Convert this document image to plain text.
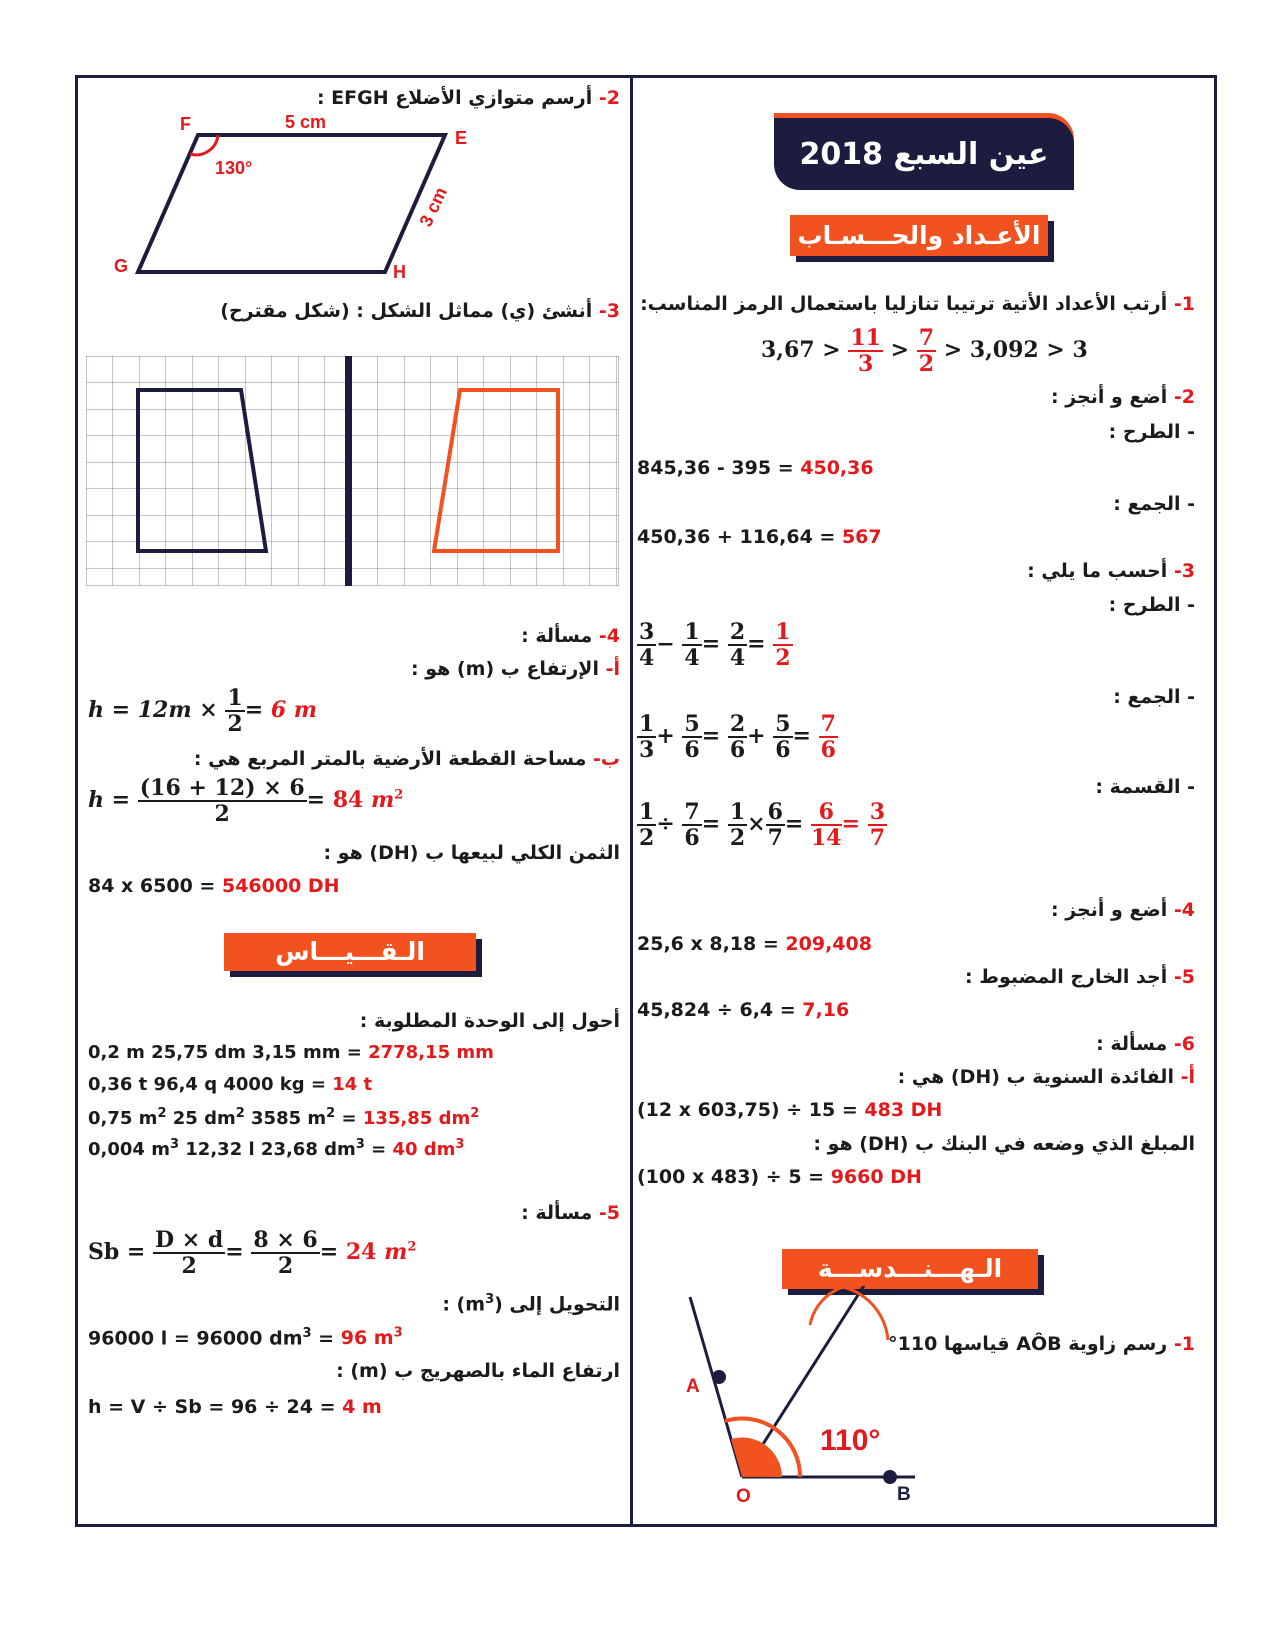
عين السبع 2018
الأعـداد والحـــسـاب
1- أرتب الأعداد الأتية ترتيبا تنازليا باستعمال الرمز المناسب:
$3,67 > \frac{11}{3} > \frac{7}{2} > 3,092 > 3$
2- أضع و أنجز :
- الطرح :
845,36 - 395 = 450,36
- الجمع :
450,36 + 116,64 = 567
3- أحسب ما يلي :
- الطرح :
$\frac{3}{4} - \frac{1}{4} = \frac{2}{4} = \frac{1}{2}$
- الجمع :
$\frac{1}{3} + \frac{5}{6} = \frac{2}{6} + \frac{5}{6} = \frac{7}{6}$
- القسمة :
$\frac{1}{2} \div \frac{7}{6} = \frac{1}{2} \times \frac{6}{7} = \frac{6}{14} = \frac{3}{7}$
4- أضع و أنجز :
25,6 x 8,18 = 209,408
5- أجد الخارج المضبوط :
45,824 ÷ 6,4 = 7,16
6- مسألة :
أ- الفائدة السنوية ب (DH) هي :
(12 x 603,75) ÷ 15 = 483 DH
المبلغ الذي وضعه في البنك ب (DH) هو :
(100 x 483) ÷ 5 = 9660 DH
الـهـــنـــدســـة
1- رسم زاوية AÔB قياسها 110°
110°
A
O	B
2- أرسم متوازي الأضلاع EFGH :
F
E
G	H
5 cm
3 cm
130°
3- أنشئ (ي) مماثل الشكل : (شكل مقترح)
4- مسألة :
أ- الإرتفاع ب (m) هو :
$h = 12m \times \frac{1}{2} = 6$ m
ب- مساحة القطعة الأرضية بالمتر المربع هي :
$h = \frac{(16 + 12) \times 6}{2} = 84$ $m^2$
الثمن الكلي لبيعها ب (DH) هو :
84 x 6500 = 546000 DH
الـقـــيـــاس
أحول إلى الوحدة المطلوبة :
0,2 m 25,75 dm 3,15 mm = 2778,15 mm
0,36 t 96,4 q 4000 kg = 14 t
0,75 $m^2$ 25 $dm^2$ 3585 $m^2 = 135,85$ $dm^2$
0,004 $m^3$ 12,32 l 23,68 $dm^3 = 40$ $dm^3$
5- مسألة :
$Sb = \frac{D \times d}{2} = \frac{8 \times 6}{2} = 24$ $m^2$
التحويل إلى $(m^3)$ :
96000 l = 96000 $dm^3 = 96$ $m^3$
ارتفاع الماء بالصهريج ب (m) :
h = V ÷ Sb = 96 ÷ 24 = 4 m
